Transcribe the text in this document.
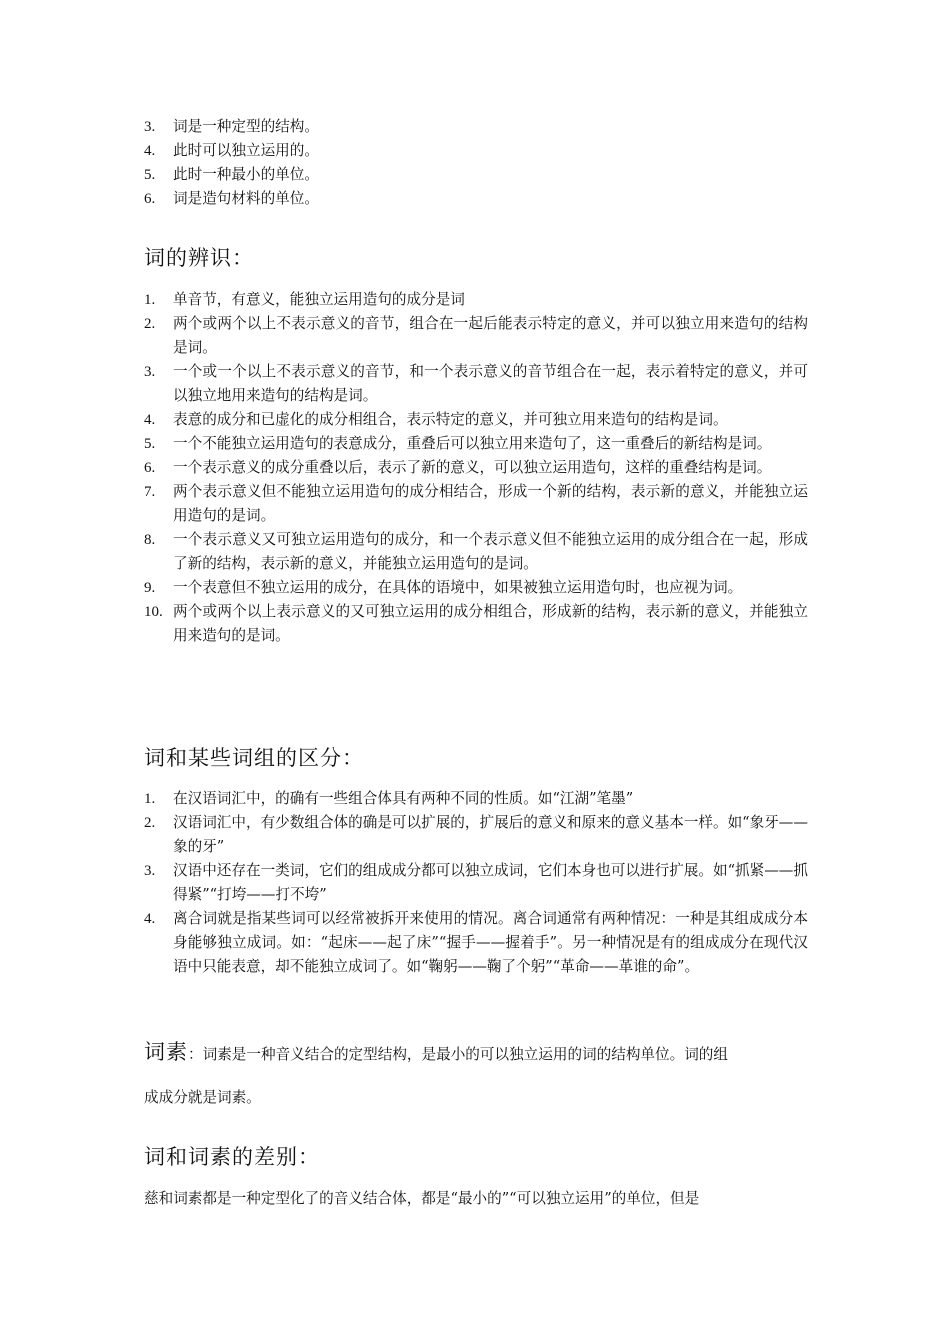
3. 词是一种定型的结构。
4. 此时可以独立运用的。
5. 此时一种最小的单位。
6. 词是造句材料的单位。
词的辨识：
1. 单音节，有意义，能独立运用造句的成分是词
2. 两个或两个以上不表示意义的音节，组合在一起后能表示特定的意义，并可以独立用来造句的结构是词。
3. 一个或一个以上不表示意义的音节，和一个表示意义的音节组合在一起，表示着特定的意义，并可以独立地用来造句的结构是词。
4. 表意的成分和已虚化的成分相组合，表示特定的意义，并可独立用来造句的结构是词。
5. 一个不能独立运用造句的表意成分，重叠后可以独立用来造句了，这一重叠后的新结构是词。
6. 一个表示意义的成分重叠以后，表示了新的意义，可以独立运用造句，这样的重叠结构是词。
7. 两个表示意义但不能独立运用造句的成分相结合，形成一个新的结构，表示新的意义，并能独立运用造句的是词。
8. 一个表示意义又可独立运用造句的成分，和一个表示意义但不能独立运用的成分组合在一起，形成了新的结构，表示新的意义，并能独立运用造句的是词。
9. 一个表意但不独立运用的成分，在具体的语境中，如果被独立运用造句时，也应视为词。
10. 两个或两个以上表示意义的又可独立运用的成分相组合，形成新的结构，表示新的意义，并能独立用来造句的是词。
词和某些词组的区分：
1. 在汉语词汇中，的确有一些组合体具有两种不同的性质。如“江湖”笔墨”
2. 汉语词汇中，有少数组合体的确是可以扩展的，扩展后的意义和原来的意义基本一样。如“象牙——象的牙”
3. 汉语中还存在一类词，它们的组成成分都可以独立成词，它们本身也可以进行扩展。如“抓紧——抓得紧”“打垮——打不垮”
4. 离合词就是指某些词可以经常被拆开来使用的情况。离合词通常有两种情况：一种是其组成成分本身能够独立成词。如：“起床——起了床”“握手——握着手”。另一种情况是有的组成成分在现代汉语中只能表意，却不能独立成词了。如“鞠躬——鞠了个躬”“革命——革谁的命”。
词素：词素是一种音义结合的定型结构，是最小的可以独立运用的词的结构单位。词的组
成成分就是词素。
词和词素的差别：

慈和词素都是一种定型化了的音义结合体，都是“最小的”“可以独立运用”的单位，但是
